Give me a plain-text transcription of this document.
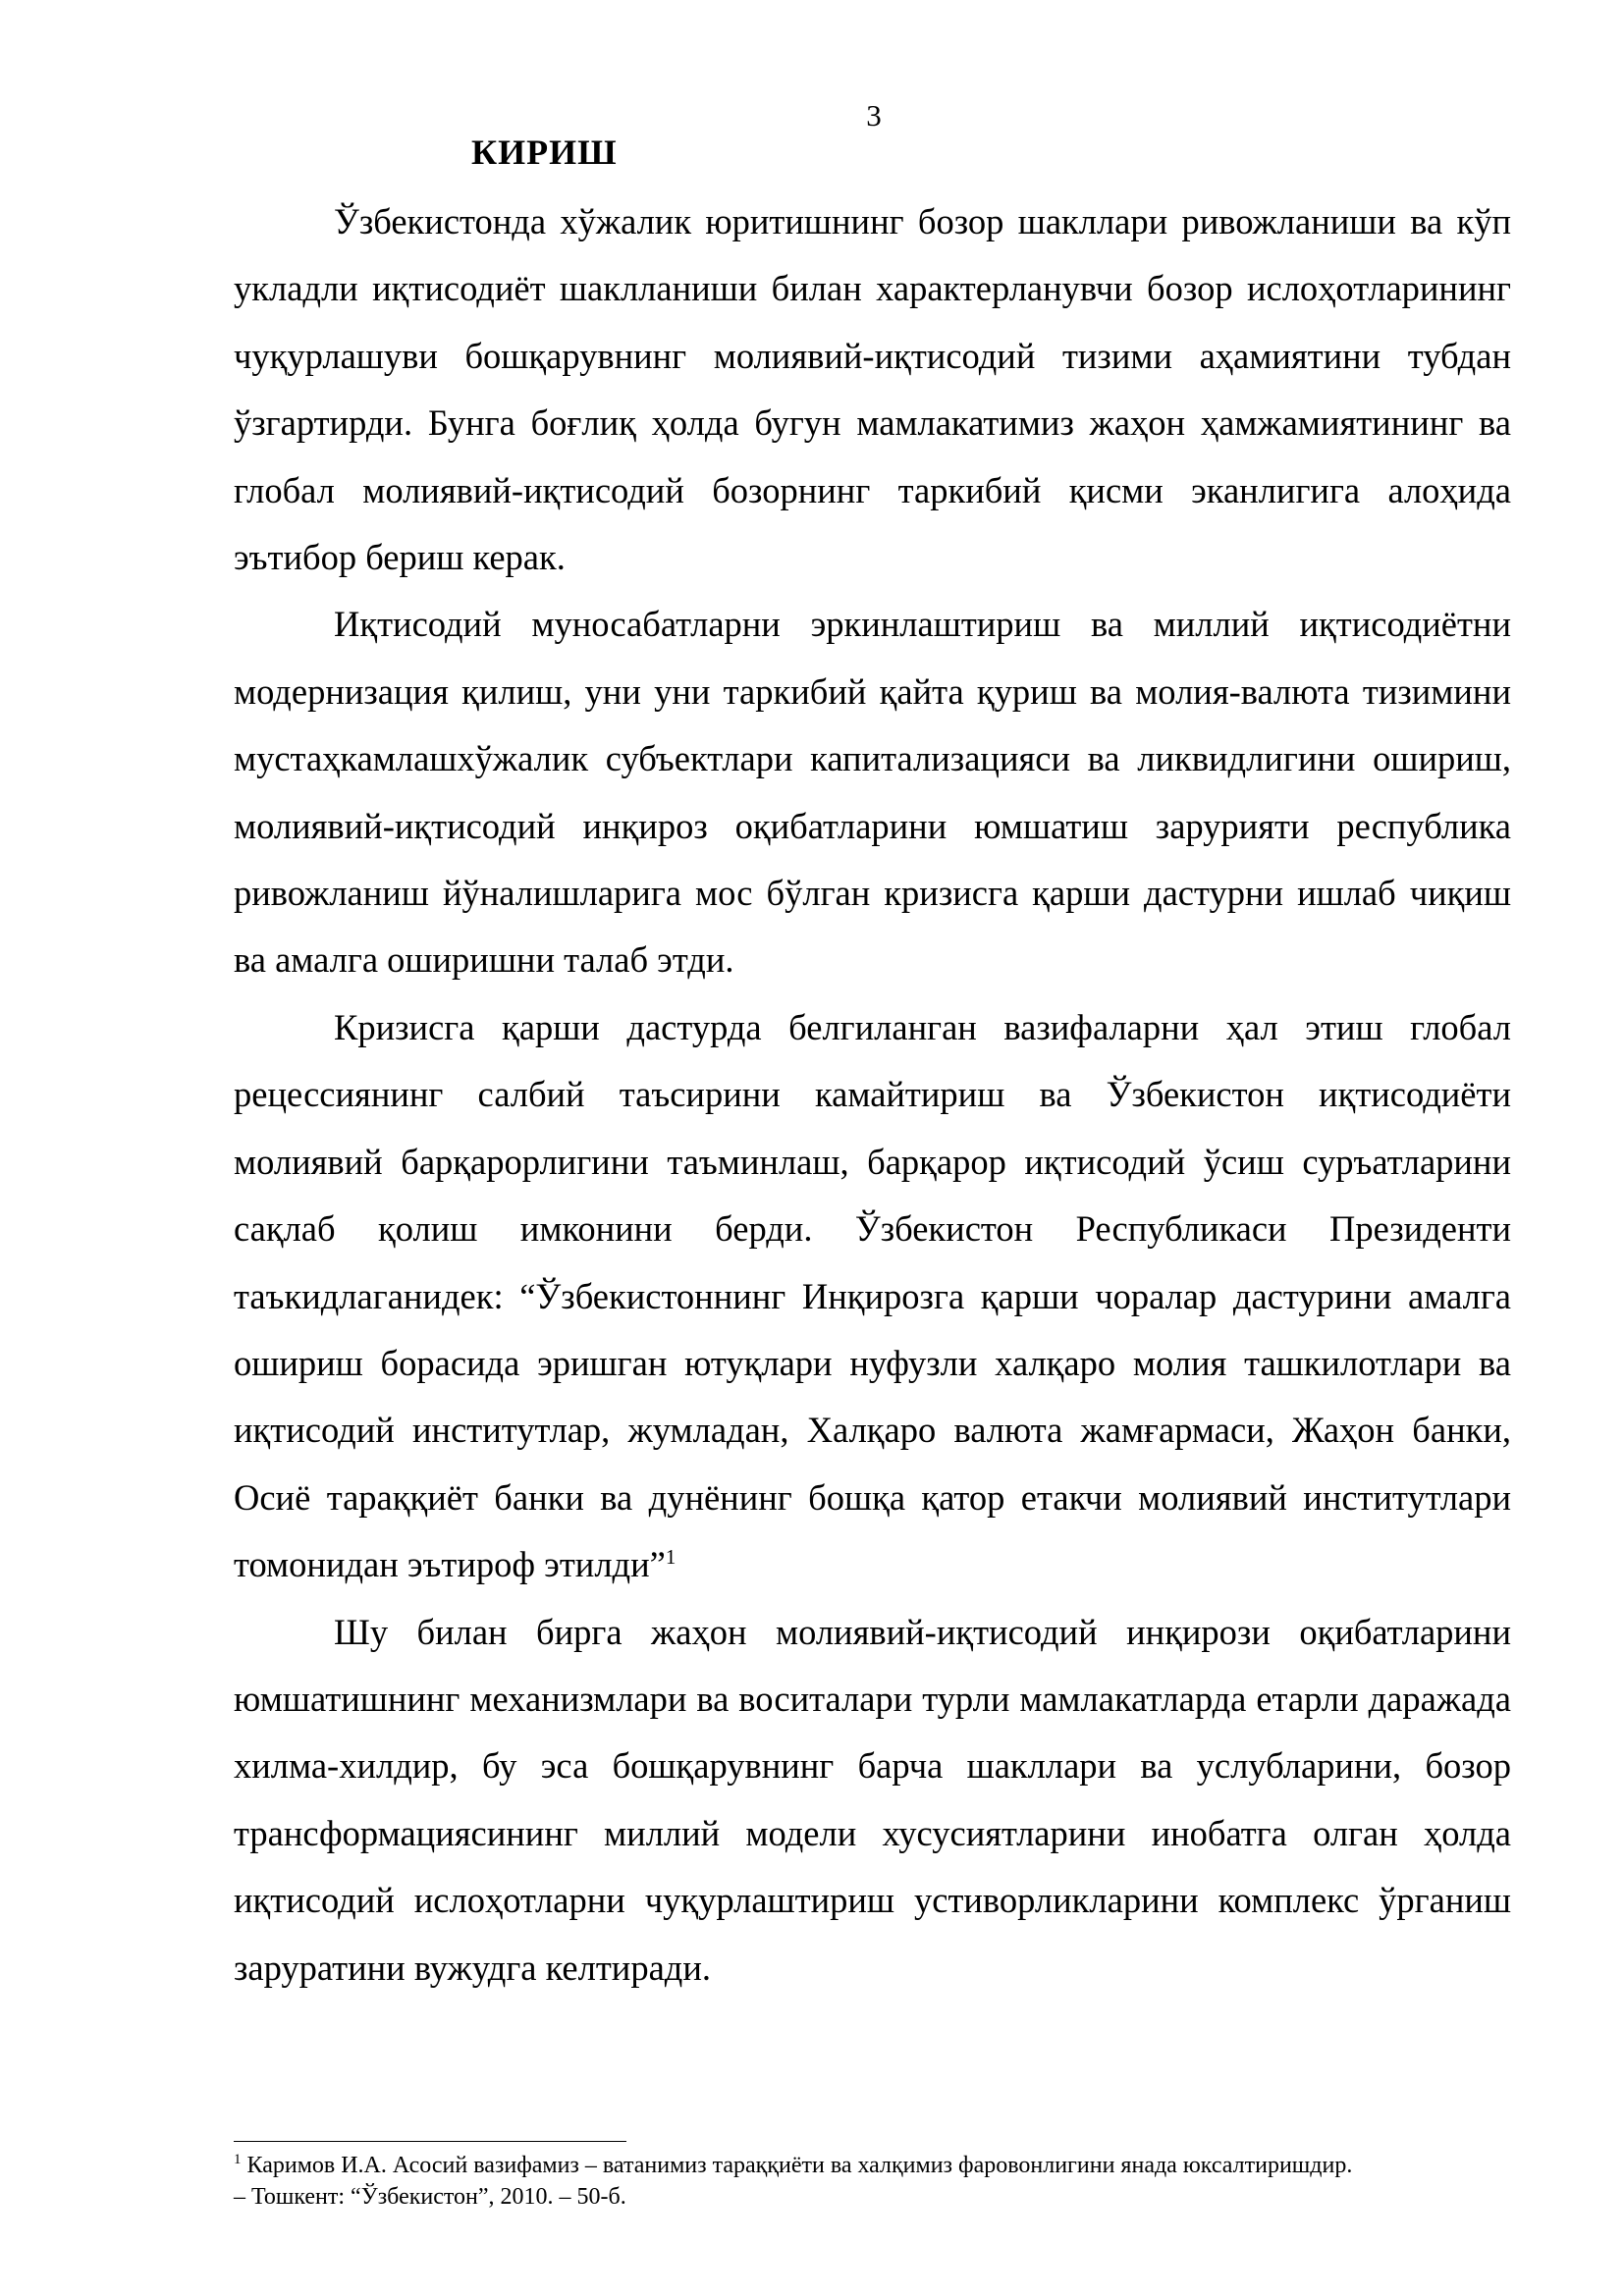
3
КИРИШ

Ўзбекистонда хўжалик юритишнинг бозор шакллари ривожланиши ва кўп укладли иқтисодиёт шаклланиши билан характерланувчи бозор ислоҳотларининг чуқурлашуви бошқарувнинг молиявий-иқтисодий тизими аҳамиятини тубдан ўзгартирди. Бунга боғлиқ ҳолда бугун мамлакатимиз жаҳон ҳамжамиятининг ва глобал молиявий-иқтисодий бозорнинг таркибий қисми эканлигига алоҳида эътибор бериш керак.

Иқтисодий муносабатларни эркинлаштириш ва миллий иқтисодиётни модернизация қилиш, уни уни таркибий қайта қуриш ва молия-валюта тизимини мустаҳкамлашхўжалик субъектлари капитализацияси ва ликвидлигини ошириш, молиявий-иқтисодий инқироз оқибатларини юмшатиш зарурияти республика ривожланиш йўналишларига мос бўлган кризисга қарши дастурни ишлаб чиқиш ва амалга оширишни талаб этди.

Кризисга қарши дастурда белгиланган вазифаларни ҳал этиш глобал рецессиянинг салбий таъсирини камайтириш ва Ўзбекистон иқтисодиёти молиявий барқарорлигини таъминлаш, барқарор иқтисодий ўсиш суръатларини сақлаб қолиш имконини берди. Ўзбекистон Республикаси Президенти таъкидлаганидек: “Ўзбекистоннинг Инқирозга қарши чоралар дастурини амалга ошириш борасида эришган ютуқлари нуфузли халқаро молия ташкилотлари ва иқтисодий институтлар, жумладан, Халқаро валюта жамғармаси, Жаҳон банки, Осиё тараққиёт банки ва дунёнинг бошқа қатор етакчи молиявий институтлари томонидан эътироф этилди”$^1$

Шу билан бирга жаҳон молиявий-иқтисодий инқирози оқибатларини юмшатишнинг механизмлари ва воситалари турли мамлакатларда етарли даражада хилма-хилдир, бу эса бошқарувнинг барча шакллари ва услубларини, бозор трансформациясининг миллий модели хусусиятларини инобатга олган ҳолда иқтисодий ислоҳотларни чуқурлаштириш устиворликларини комплекс ўрганиш заруратини вужудга келтиради.

$^1$ Каримов И.А. Асосий вазифамиз – ватанимиз тараққиёти ва халқимиз фаровонлигини янада юксалтиришдир. – Тошкент: “Ўзбекистон”, 2010. – 50-б.
